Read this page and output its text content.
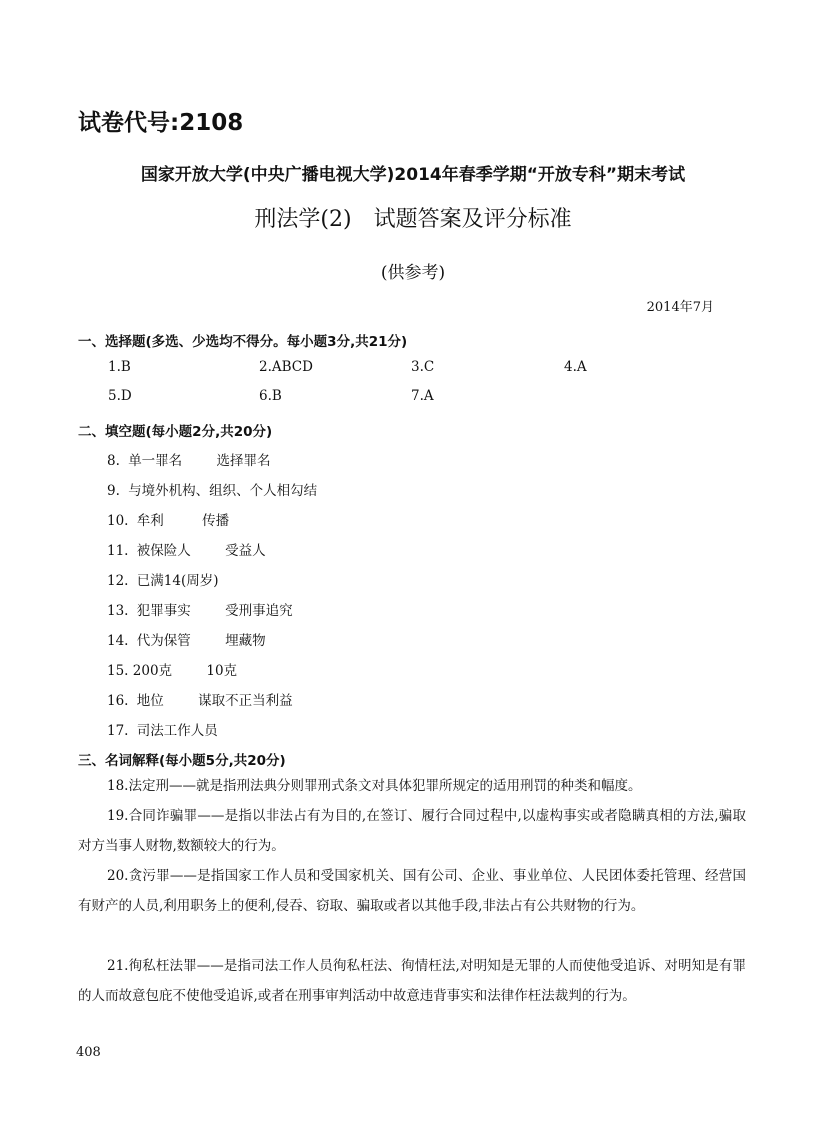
试卷代号:2108
国家开放大学(中央广播电视大学)2014年春季学期“开放专科”期末考试
刑法学(2)　试题答案及评分标准
(供参考)
2014年7月
一、选择题(多选、少选均不得分。每小题3分,共21分)
1.B	2.ABCD	3.C	4.A
5.D	6.B	7.A
二、填空题(每小题2分,共20分)
8. 单一罪名	选择罪名
9. 与境外机构、组织、个人相勾结
10. 牟利	传播
11. 被保险人	受益人
12. 已满14(周岁)
13. 犯罪事实	受刑事追究
14. 代为保管	埋藏物
15. 200克	10克
16. 地位	谋取不正当利益
17. 司法工作人员
三、名词解释(每小题5分,共20分)
18.法定刑——就是指刑法典分则罪刑式条文对具体犯罪所规定的适用刑罚的种类和幅度。
19.合同诈骗罪——是指以非法占有为目的,在签订、履行合同过程中,以虚构事实或者隐瞒真相的方法,骗取对方当事人财物,数额较大的行为。
20.贪污罪——是指国家工作人员和受国家机关、国有公司、企业、事业单位、人民团体委托管理、经营国有财产的人员,利用职务上的便利,侵吞、窃取、骗取或者以其他手段,非法占有公共财物的行为。
21.徇私枉法罪——是指司法工作人员徇私枉法、徇情枉法,对明知是无罪的人而使他受追诉、对明知是有罪的人而故意包庇不使他受追诉,或者在刑事审判活动中故意违背事实和法律作枉法裁判的行为。
408
